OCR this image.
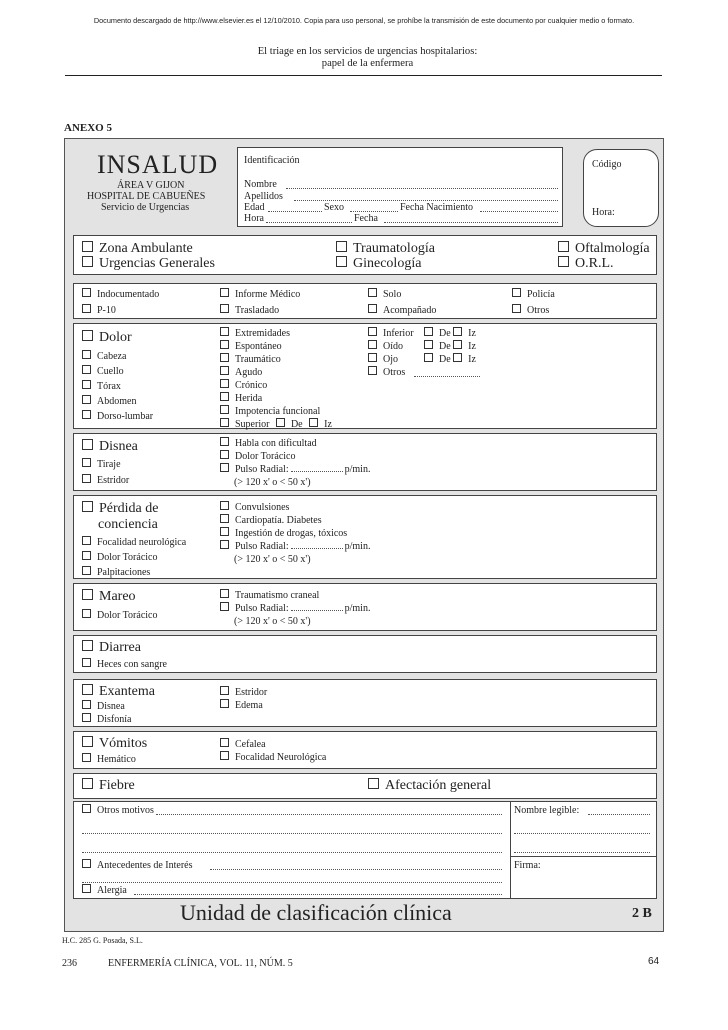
Documento descargado de http://www.elsevier.es el 12/10/2010. Copia para uso personal, se prohíbe la transmisión de este documento por cualquier medio o formato.
El triage en los servicios de urgencias hospitalarios:
papel de la enfermera
ANEXO 5
INSALUD
ÁREA V GIJON
HOSPITAL DE CABUEÑES
Servicio de Urgencias
Identificación
Nombre
Apellidos
Edad	Sexo	Fecha Nacimiento
Hora	Fecha
Código
Hora:
Zona Ambulante
Urgencias Generales
Traumatología
Ginecología
Oftalmología
O.R.L.
Indocumentado
P-10
Informe Médico
Trasladado
Solo
Acompañado
Policía
Otros
Dolor
Cabeza
Cuello
Tórax
Abdomen
Dorso-lumbar
Extremidades
Espontáneo
Traumático
Agudo
Crónico
Herida
Impotencia funcional
Superior De Iz
Inferior
Oído
Ojo
Otros
De Iz
De Iz
De Iz
Disnea
Tiraje
Estridor
Habla con dificultad
Dolor Torácico
Pulso Radial:	p/min.
(> 120 x' o < 50 x')
Pérdida de
conciencia
Focalidad neurológica
Dolor Torácico
Palpitaciones
Convulsiones
Cardiopatía. Diabetes
Ingestión de drogas, tóxicos
Pulso Radial:	p/min.
(> 120 x' o < 50 x')
Mareo
Dolor Torácico
Traumatismo craneal
Pulso Radial:	p/min.
(> 120 x' o < 50 x')
Diarrea
Heces con sangre
Exantema
Disnea
Disfonía
Estridor
Edema
Vómitos
Hemático
Cefalea
Focalidad Neurológica
Fiebre	Afectación general
Otros motivos
Antecedentes de Interés
Alergia
Nombre legible:
Firma:
Unidad de clasificación clínica	2 B
H.C. 285 G. Posada, S.L.
236	ENFERMERÍA CLÍNICA, VOL. 11, NÚM. 5	64
